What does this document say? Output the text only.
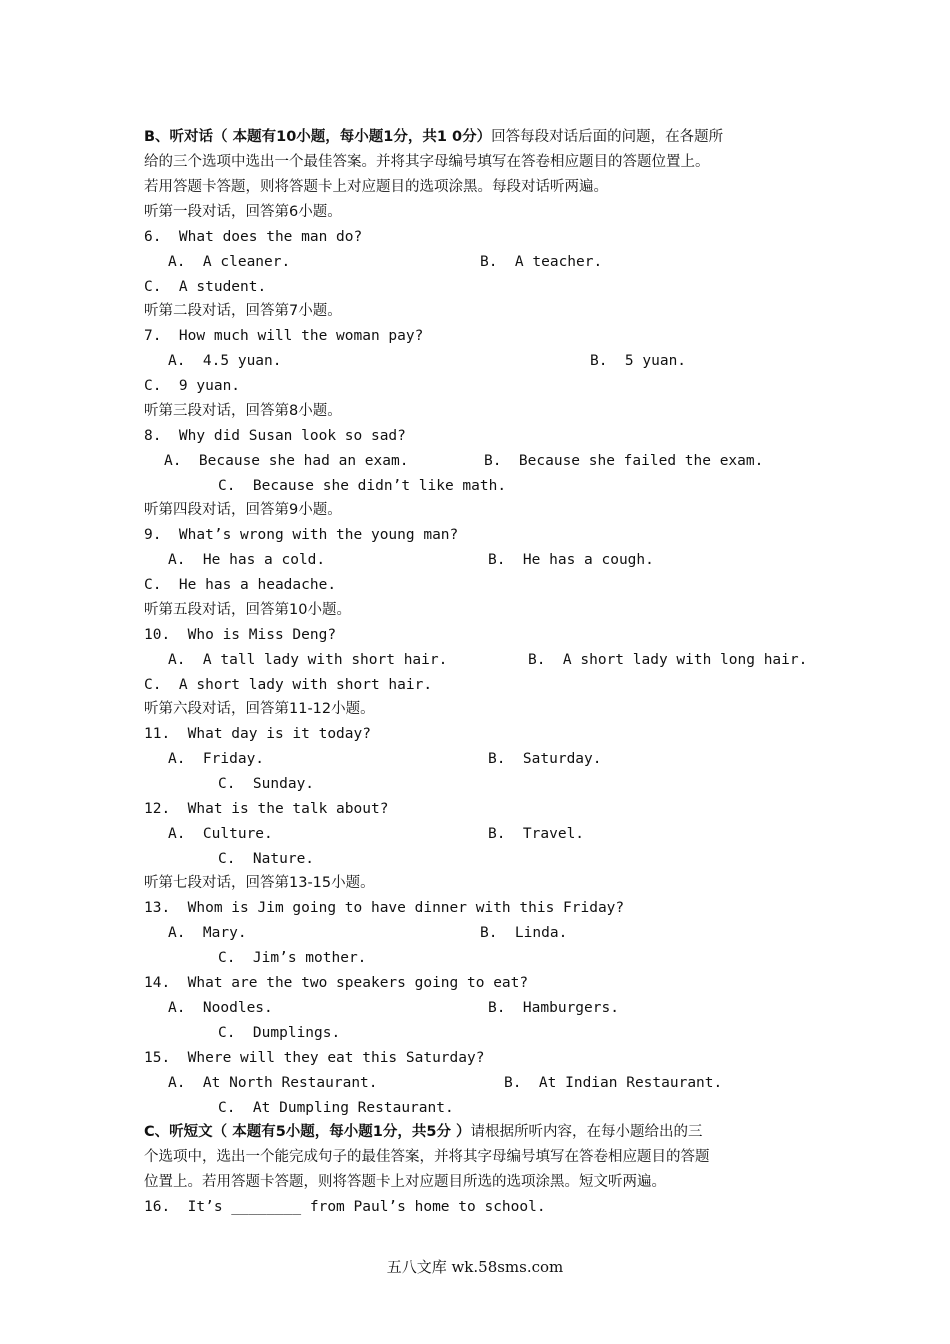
B、听对话（ 本题有10小题，每小题1分，共1 0分）回答每段对话后面的问题，在各题所
给的三个选项中选出一个最佳答案。并将其字母编号填写在答卷相应题目的答题位置上。
若用答题卡答题，则将答题卡上对应题目的选项涂黑。每段对话听两遍。
听第一段对话，回答第6小题。
6.  What does the man do?
A.  A cleaner.	B.  A teacher.
C.  A student.
听第二段对话，回答第7小题。
7.  How much will the woman pay?
A.  4.5 yuan.	B.  5 yuan.
C.  9 yuan.
听第三段对话，回答第8小题。
8.  Why did Susan look so sad?
A.  Because she had an exam.	B.  Because she failed the exam.
C.  Because she didn’t like math.
听第四段对话，回答第9小题。
9.  What’s wrong with the young man?
A.  He has a cold.	B.  He has a cough.
C.  He has a headache.
听第五段对话，回答第10小题。
10.  Who is Miss Deng?
A.  A tall lady with short hair.	B.  A short lady with long hair.
C.  A short lady with short hair.
听第六段对话，回答第11-12小题。
11.  What day is it today?
A.  Friday.	B.  Saturday.
C.  Sunday.
12.  What is the talk about?
A.  Culture.	B.  Travel.
C.  Nature.
听第七段对话，回答第13-15小题。
13.  Whom is Jim going to have dinner with this Friday?
A.  Mary.	B.  Linda.
C.  Jim’s mother.
14.  What are the two speakers going to eat?
A.  Noodles.	B.  Hamburgers.
C.  Dumplings.
15.  Where will they eat this Saturday?
A.  At North Restaurant.	B.  At Indian Restaurant.
C.  At Dumpling Restaurant.
C、听短文（ 本题有5小题，每小题1分，共5分 ）请根据所听内容，在每小题给出的三
个选项中，选出一个能完成句子的最佳答案，并将其字母编号填写在答卷相应题目的答题
位置上。若用答题卡答题，则将答题卡上对应题目所选的选项涂黑。短文听两遍。
16.  It’s ________ from Paul’s home to school.
五八文库 wk.58sms.com
